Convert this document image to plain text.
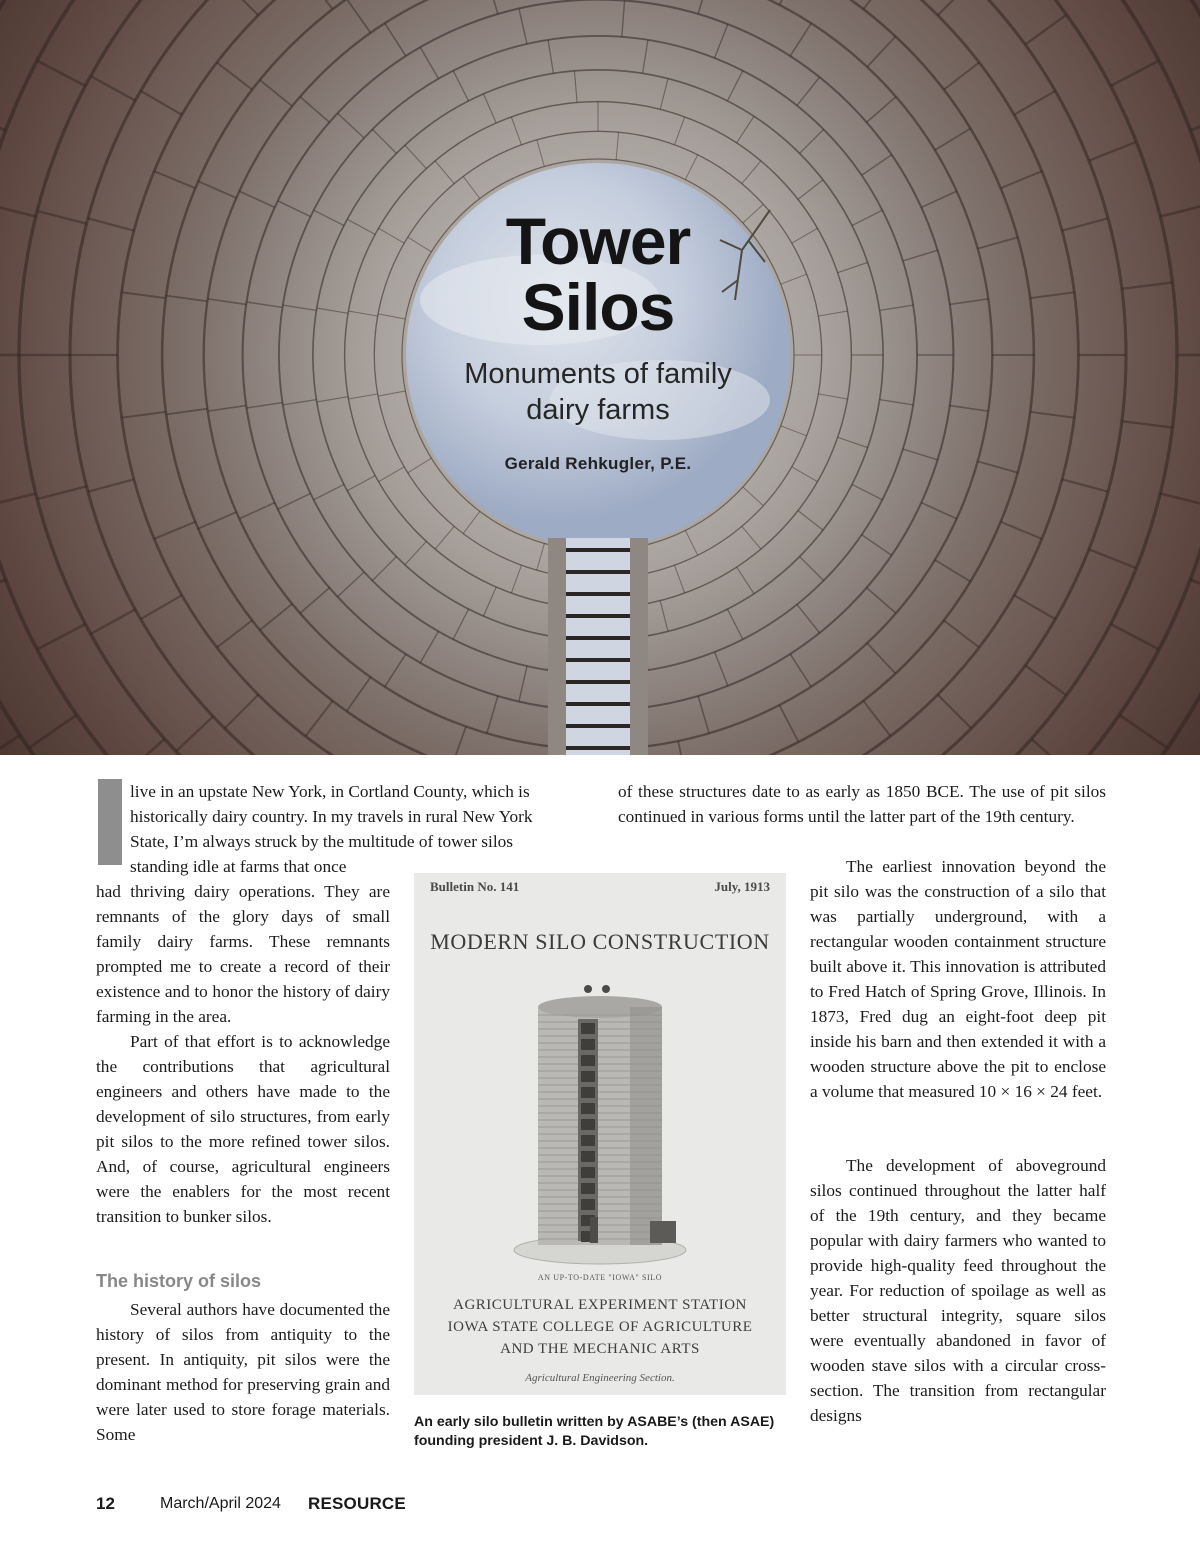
Tower
Silos
Monuments of family
dairy farms
Gerald Rehkugler, P.E.

live in an upstate New York, in Cortland County, which is

historically dairy country. In my travels in rural New York

State, I’m always struck by the multitude of tower silos

standing idle at farms that once

had thriving dairy operations. They are remnants of the glory days of small family dairy farms. These remnants prompted me to create a record of their existence and to honor the history of dairy farming in the area.

Part of that effort is to acknowledge the contributions that agricultural engineers and others have made to the development of silo structures, from early pit silos to the more refined tower silos. And, of course, agricultural engineers were the enablers for the most recent transition to bunker silos.

The history of silos

Several authors have documented the history of silos from antiquity to the present. In antiquity, pit silos were the dominant method for preserving grain and were later used to store forage materials. Some

of these structures date to as early as 1850 BCE. The use of pit silos continued in various forms until the latter part of the 19th century.

The earliest innovation beyond the pit silo was the construction of a silo that was partially underground, with a rectangular wooden containment structure built above it. This innovation is attributed to Fred Hatch of Spring Grove, Illinois. In 1873, Fred dug an eight-foot deep pit inside his barn and then extended it with a wooden structure above the pit to enclose a volume that measured 10 × 16 × 24 feet.

The development of aboveground silos continued throughout the latter half of the 19th century, and they became popular with dairy farmers who wanted to provide high-quality feed throughout the year. For reduction of spoilage as well as better structural integrity, square silos were eventually abandoned in favor of wooden stave silos with a circular cross-section. The transition from rectangular designs

Bulletin No. 141	July, 1913
MODERN SILO CONSTRUCTION
AN UP-TO-DATE "IOWA" SILO
AGRICULTURAL EXPERIMENT STATION
IOWA STATE COLLEGE OF AGRICULTURE
AND THE MECHANIC ARTS
Agricultural Engineering Section.

An early silo bulletin written by ASABE’s (then ASAE) founding president J. B. Davidson.

12	March/April 2024 RESOURCE
